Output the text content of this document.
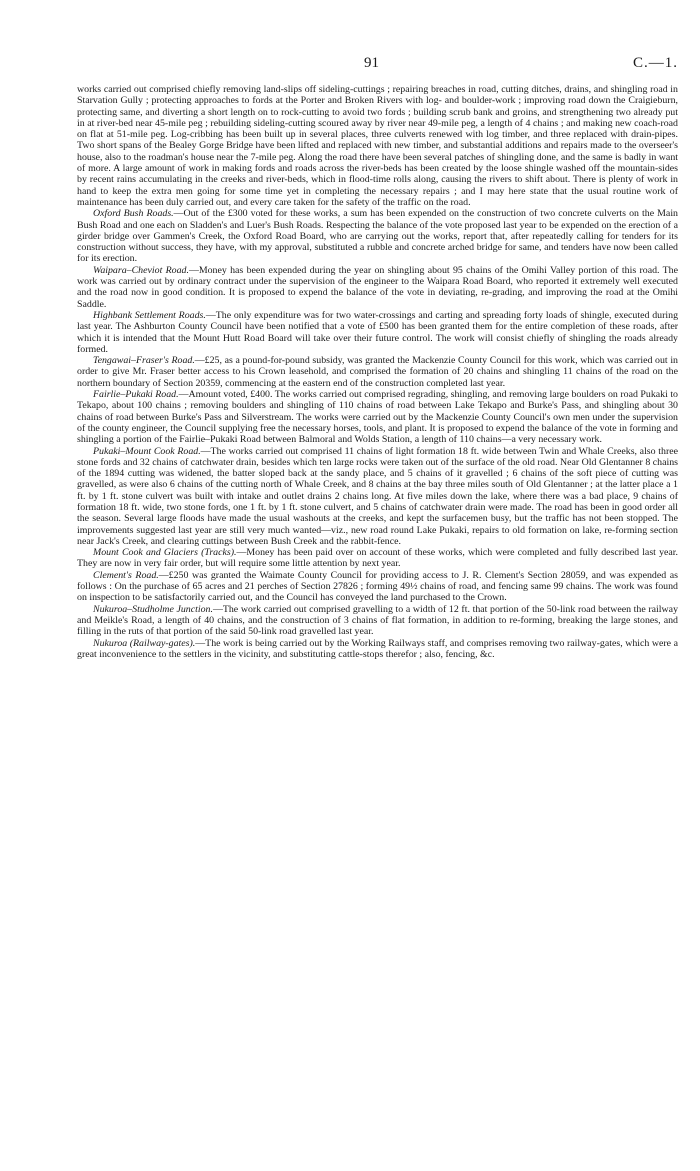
91	C.—1.

works carried out comprised chiefly removing land-slips off sideling-cuttings ; repairing breaches in road, cutting ditches, drains, and shingling road in Starvation Gully ; protecting approaches to fords at the Porter and Broken Rivers with log- and boulder-work ; improving road down the Craigieburn, protecting same, and diverting a short length on to rock-cutting to avoid two fords ; building scrub bank and groins, and strengthening two already put in at river-bed near 45-mile peg ; rebuilding sideling-cutting scoured away by river near 49-mile peg, a length of 4 chains ; and making new coach-road on flat at 51-mile peg. Log-cribbing has been built up in several places, three culverts renewed with log timber, and three replaced with drain-pipes. Two short spans of the Bealey Gorge Bridge have been lifted and replaced with new timber, and substantial additions and repairs made to the overseer's house, also to the roadman's house near the 7-mile peg. Along the road there have been several patches of shingling done, and the same is badly in want of more. A large amount of work in making fords and roads across the river-beds has been created by the loose shingle washed off the mountain-sides by recent rains accumulating in the creeks and river-beds, which in flood-time rolls along, causing the rivers to shift about. There is plenty of work in hand to keep the extra men going for some time yet in completing the necessary repairs ; and I may here state that the usual routine work of maintenance has been duly carried out, and every care taken for the safety of the traffic on the road.

Oxford Bush Roads.—Out of the £300 voted for these works, a sum has been expended on the construction of two concrete culverts on the Main Bush Road and one each on Sladden's and Luer's Bush Roads. Respecting the balance of the vote proposed last year to be expended on the erection of a girder bridge over Gammen's Creek, the Oxford Road Board, who are carrying out the works, report that, after repeatedly calling for tenders for its construction without success, they have, with my approval, substituted a rubble and concrete arched bridge for same, and tenders have now been called for its erection.

Waipara–Cheviot Road.—Money has been expended during the year on shingling about 95 chains of the Omihi Valley portion of this road. The work was carried out by ordinary contract under the supervision of the engineer to the Waipara Road Board, who reported it extremely well executed and the road now in good condition. It is proposed to expend the balance of the vote in deviating, re-grading, and improving the road at the Omihi Saddle.

Highbank Settlement Roads.—The only expenditure was for two water-crossings and carting and spreading forty loads of shingle, executed during last year. The Ashburton County Council have been notified that a vote of £500 has been granted them for the entire completion of these roads, after which it is intended that the Mount Hutt Road Board will take over their future control. The work will consist chiefly of shingling the roads already formed.

Tengawai–Fraser's Road.—£25, as a pound-for-pound subsidy, was granted the Mackenzie County Council for this work, which was carried out in order to give Mr. Fraser better access to his Crown leasehold, and comprised the formation of 20 chains and shingling 11 chains of the road on the northern boundary of Section 20359, commencing at the eastern end of the construction completed last year.

Fairlie–Pukaki Road.—Amount voted, £400. The works carried out comprised regrading, shingling, and removing large boulders on road Pukaki to Tekapo, about 100 chains ; removing boulders and shingling of 110 chains of road between Lake Tekapo and Burke's Pass, and shingling about 30 chains of road between Burke's Pass and Silverstream. The works were carried out by the Mackenzie County Council's own men under the supervision of the county engineer, the Council supplying free the necessary horses, tools, and plant. It is proposed to expend the balance of the vote in forming and shingling a portion of the Fairlie–Pukaki Road between Balmoral and Wolds Station, a length of 110 chains—a very necessary work.

Pukaki–Mount Cook Road.—The works carried out comprised 11 chains of light formation 18 ft. wide between Twin and Whale Creeks, also three stone fords and 32 chains of catchwater drain, besides which ten large rocks were taken out of the surface of the old road. Near Old Glentanner 8 chains of the 1894 cutting was widened, the batter sloped back at the sandy place, and 5 chains of it gravelled ; 6 chains of the soft piece of cutting was gravelled, as were also 6 chains of the cutting north of Whale Creek, and 8 chains at the bay three miles south of Old Glentanner ; at the latter place a 1 ft. by 1 ft. stone culvert was built with intake and outlet drains 2 chains long. At five miles down the lake, where there was a bad place, 9 chains of formation 18 ft. wide, two stone fords, one 1 ft. by 1 ft. stone culvert, and 5 chains of catchwater drain were made. The road has been in good order all the season. Several large floods have made the usual washouts at the creeks, and kept the surfacemen busy, but the traffic has not been stopped. The improvements suggested last year are still very much wanted—viz., new road round Lake Pukaki, repairs to old formation on lake, re-forming section near Jack's Creek, and clearing cuttings between Bush Creek and the rabbit-fence.

Mount Cook and Glaciers (Tracks).—Money has been paid over on account of these works, which were completed and fully described last year. They are now in very fair order, but will require some little attention by next year.

Clement's Road.—£250 was granted the Waimate County Council for providing access to J. R. Clement's Section 28059, and was expended as follows : On the purchase of 65 acres and 21 perches of Section 27826 ; forming 49½ chains of road, and fencing same 99 chains. The work was found on inspection to be satisfactorily carried out, and the Council has conveyed the land purchased to the Crown.

Nukuroa–Studholme Junction.—The work carried out comprised gravelling to a width of 12 ft. that portion of the 50-link road between the railway and Meikle's Road, a length of 40 chains, and the construction of 3 chains of flat formation, in addition to re-forming, breaking the large stones, and filling in the ruts of that portion of the said 50-link road gravelled last year.

Nukuroa (Railway-gates).—The work is being carried out by the Working Railways staff, and comprises removing two railway-gates, which were a great inconvenience to the settlers in the vicinity, and substituting cattle-stops therefor ; also, fencing, &c.
